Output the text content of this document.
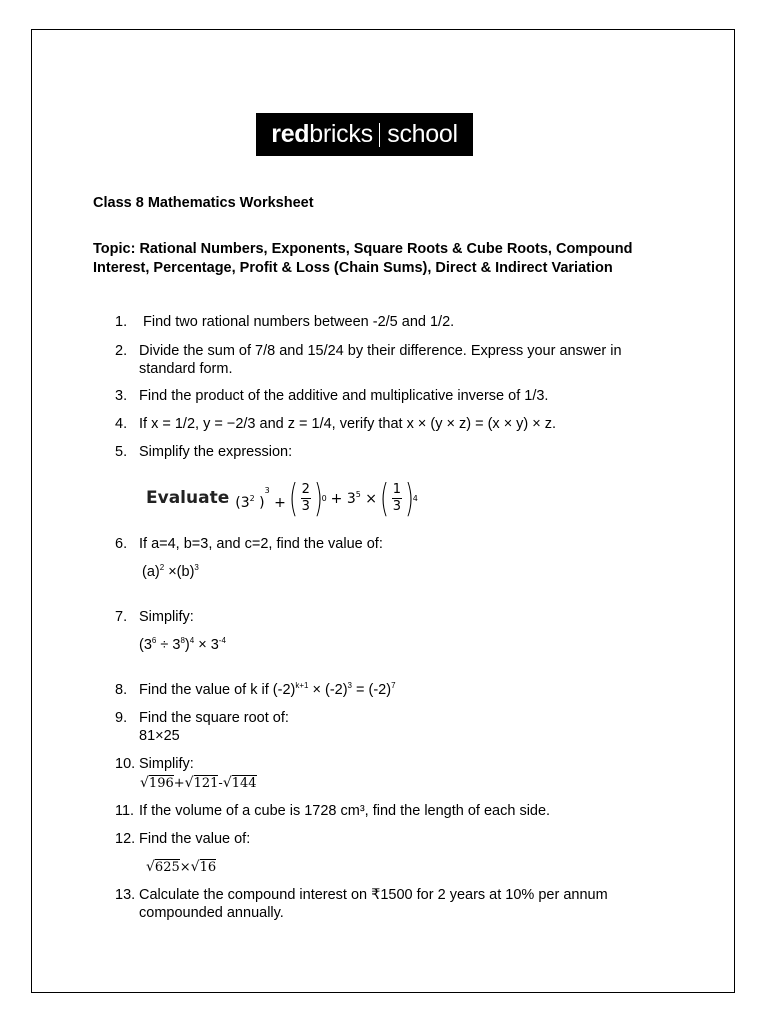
red bricks school
Class 8 Mathematics Worksheet
Topic: Rational Numbers, Exponents, Square Roots & Cube Roots, Compound
Interest, Percentage, Profit & Loss (Chain Sums), Direct & Indirect Variation
1. Find two rational numbers between -2/5 and 1/2.
2. Divide the sum of 7/8 and 15/24 by their difference. Express your answer in
standard form.
3. Find the product of the additive and multiplicative inverse of 1/3.
4. If x = 1/2, y = −2/3 and z = 1/4, verify that x × (y × z) = (x × y) × z.
5. Simplify the expression:
Evaluate ($3^2$ )$^3$ + ( $\frac{2}{3}$ )
$0 + 3^5$ × ( $\frac{1}{3}$ )
4
6. If a=4, b=3, and c=2, find the value of:
$(a)^2 \times(b)^3$
7. Simplify:
$(3^6 \div 3^8)^4 \times 3^{-4}$
8. Find the value of k if $(-2)^{k+1} \times (-2)^3 = (-2)^7$
9. Find the square root of:
81×25
10. Simplify:
√196+√121-√144
11. If the volume of a cube is 1728 cm³, find the length of each side.
12. Find the value of:
√625×√16
13. Calculate the compound interest on ₹1500 for 2 years at 10% per annum
compounded annually.
